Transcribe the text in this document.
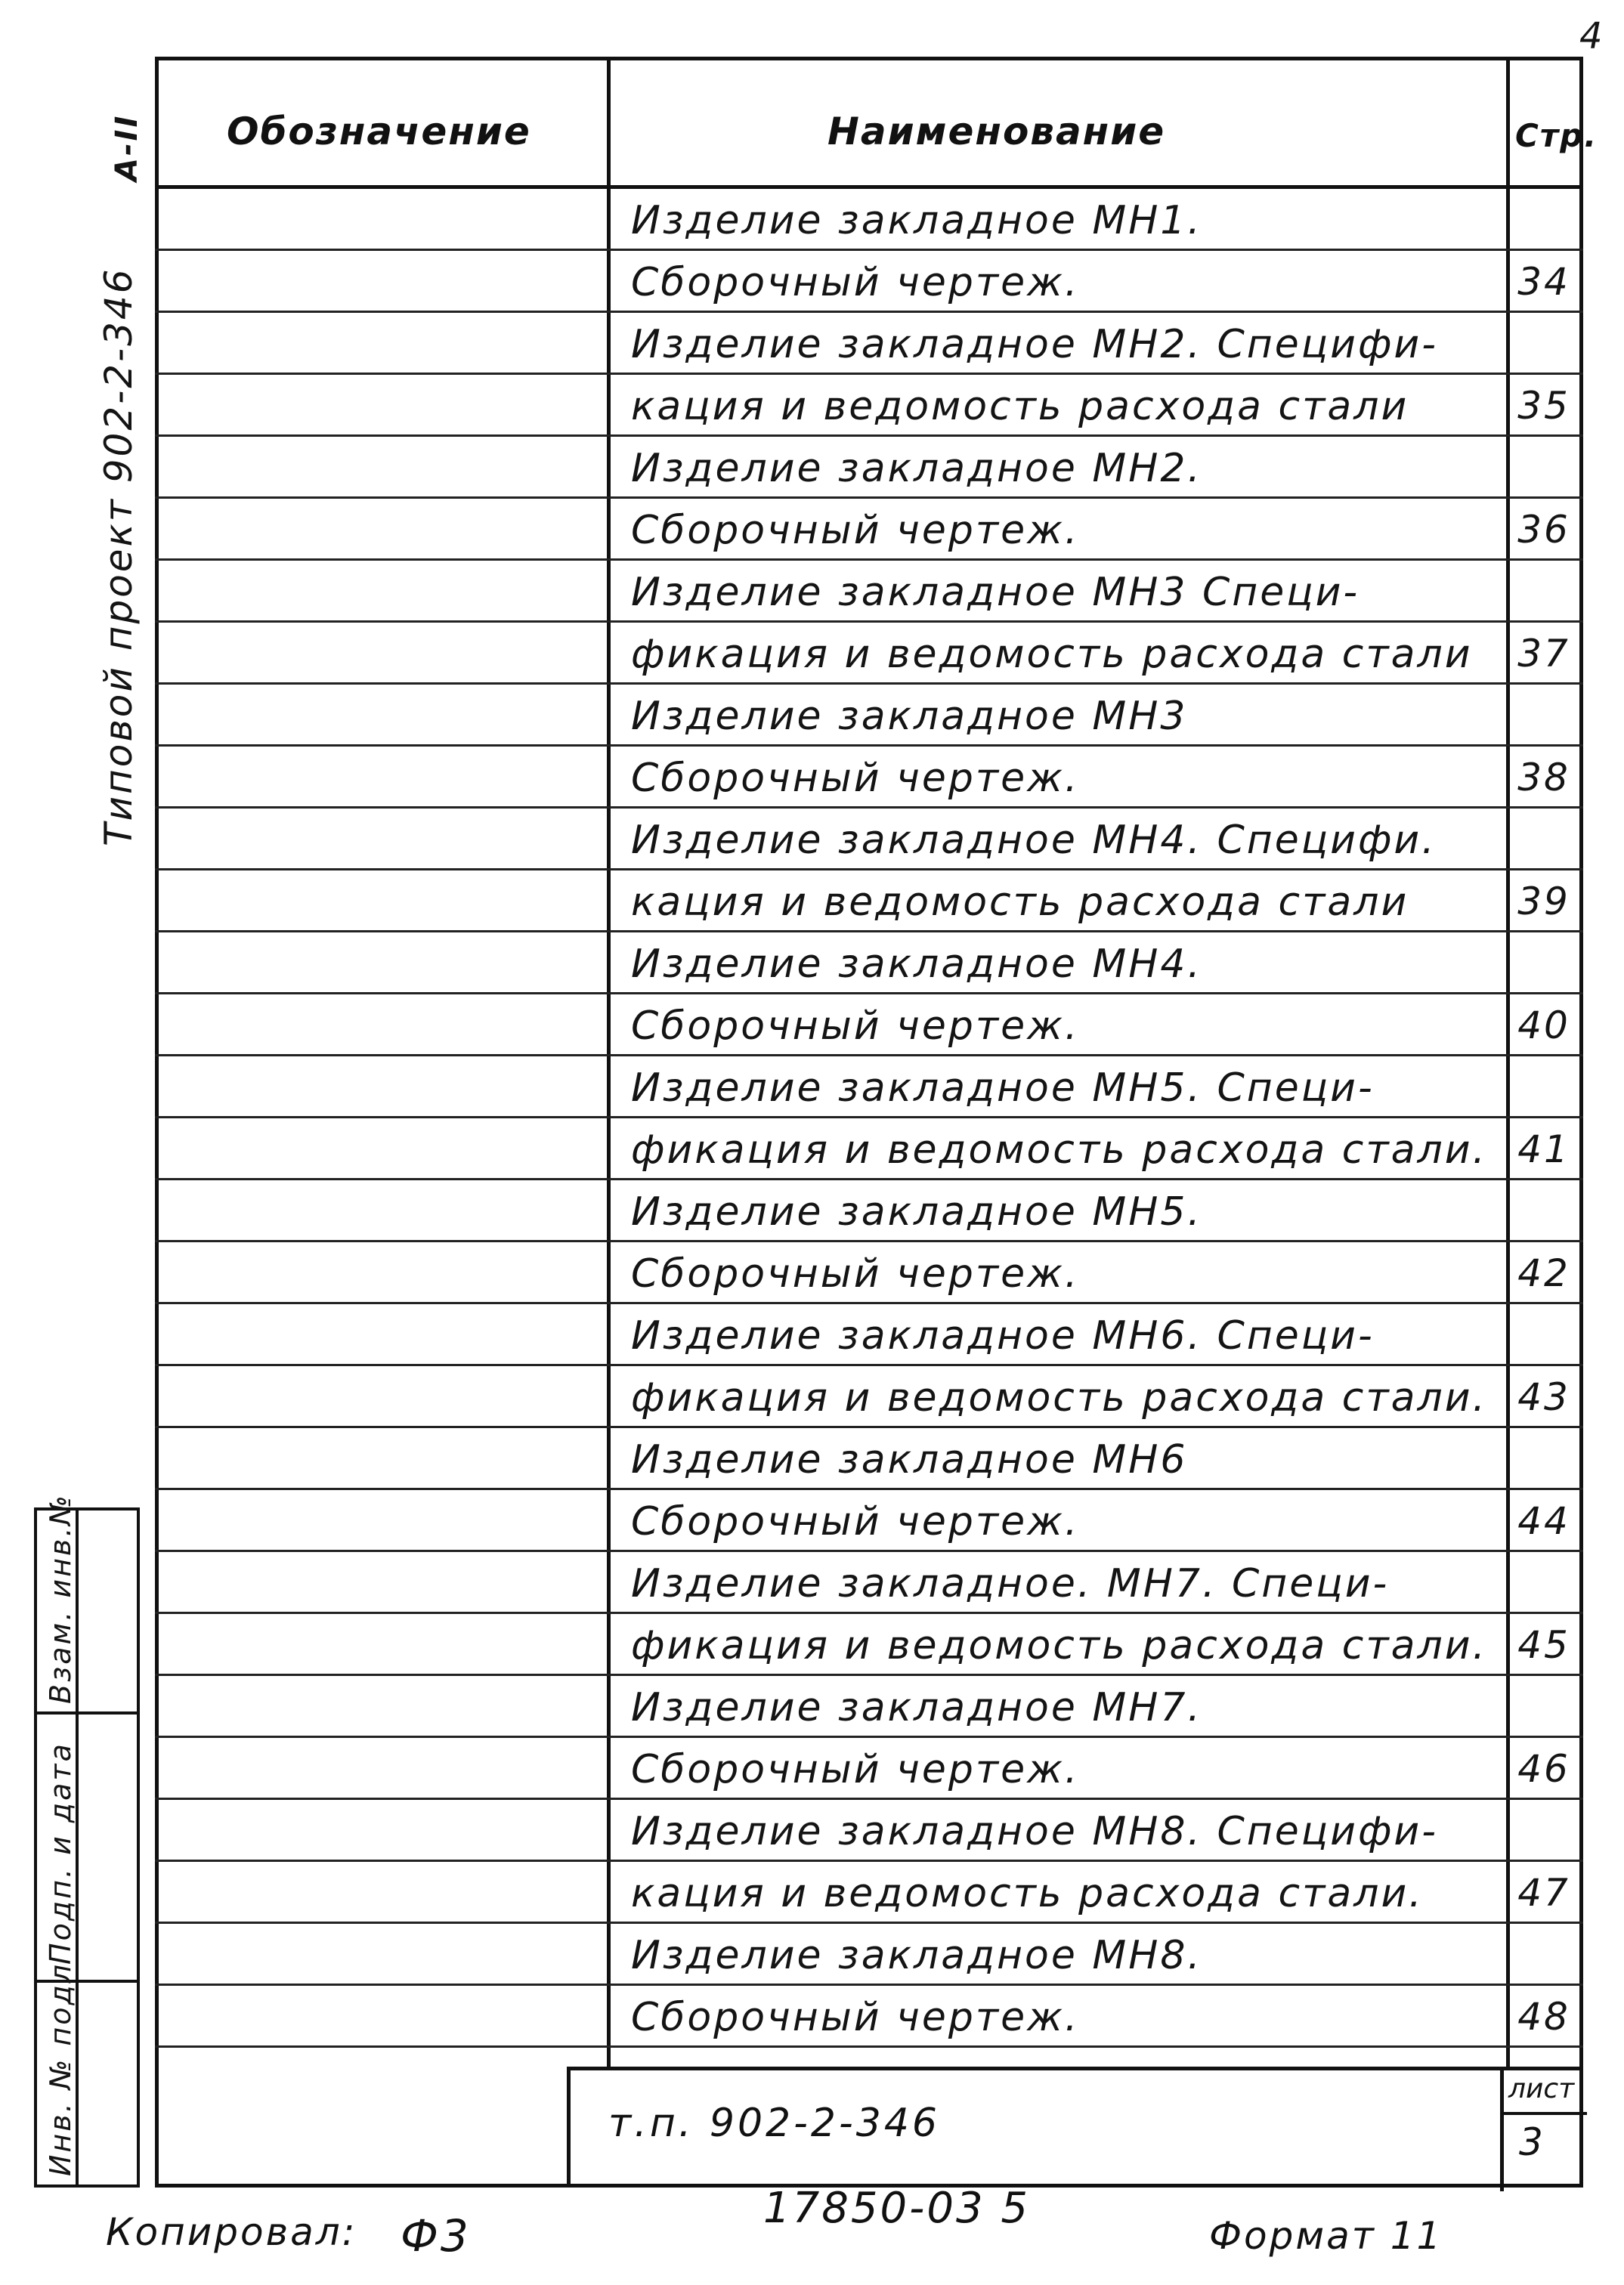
4
А-II
Типовой проект 902-2-346
Взам. инв.№
Подп. и дата
Инв. № подл
Обозначение	Наименование	Стр.
Изделие закладное МН1.
Сборочный чертеж.	34
Изделие закладное МН2. Специфи-
кация и ведомость расхода стали	35
Изделие закладное МН2.
Сборочный чертеж.	36
Изделие закладное МН3 Специ-
фикация и ведомость расхода стали 37
Изделие закладное МН3
Сборочный чертеж.	38
Изделие закладное МН4. Специфи.
кация и ведомость расхода стали	39
Изделие закладное МН4.
Сборочный чертеж.	40
Изделие закладное МН5. Специ-
фикация и ведомость расхода стали. 41
Изделие закладное МН5.
Сборочный чертеж.	42
Изделие закладное МН6. Специ-
фикация и ведомость расхода стали. 43
Изделие закладное МН6
Сборочный чертеж.	44
Изделие закладное. МН7. Специ-
фикация и ведомость расхода стали. 45
Изделие закладное МН7.
Сборочный чертеж.	46
Изделие закладное МН8. Специфи-
кация и ведомость расхода стали. 47
Изделие закладное МН8.
Сборочный чертеж.	48
т.п. 902-2-346
лист
3
Копировал: Ф3
17850-03 5
Формат 11
